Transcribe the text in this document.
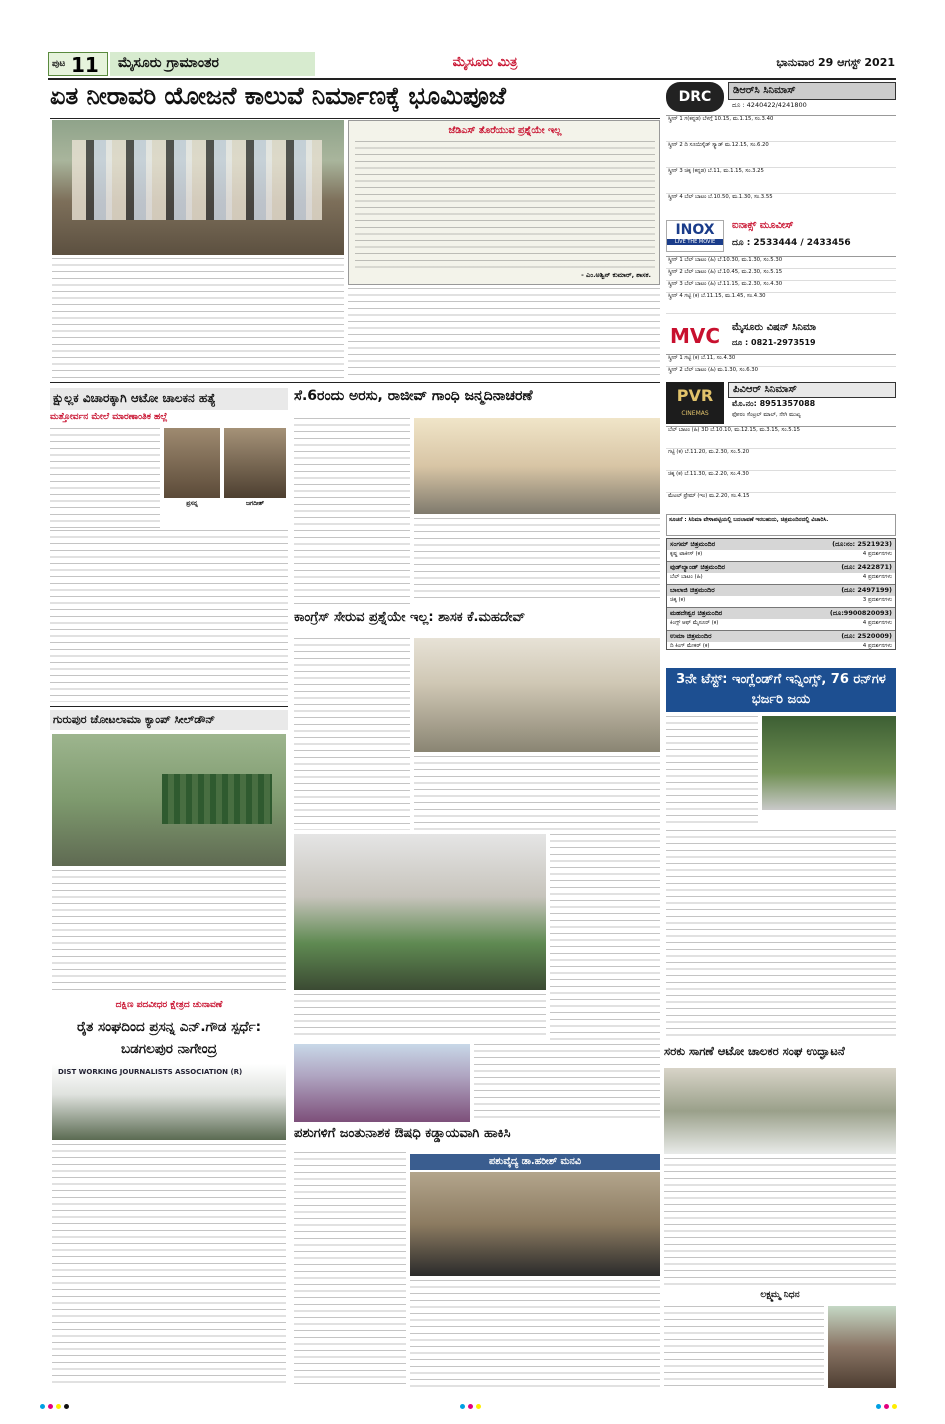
ಪುಟ 11 ಮೈಸೂರು ಗ್ರಾಮಾಂತರ	ಮೈಸೂರು ಮಿತ್ರ	ಭಾನುವಾರ 29 ಆಗಸ್ಟ್ 2021
ಏತ ನೀರಾವರಿ ಯೋಜನೆ ಕಾಲುವೆ ನಿರ್ಮಾಣಕ್ಕೆ ಭೂಮಿಪೂಜೆ
ಜೆಡಿಎಸ್ ತೊರೆಯುವ ಪ್ರಶ್ನೆಯೇ ಇಲ್ಲ
- ಎಂ.ಅಶ್ವಿನ್ ಕುಮಾರ್, ಶಾಸಕ.
DRC	ಡಿಆರ್‌ಸಿ ಸಿನಿಮಾಸ್
ದೂ : 4240422/4241800
ಸ್ಕ್ರೀನ್ 1 ಗ(ಕನ್ನಡ) ಬೆಳಗ್ಗೆ 10.15, ಮ.1.15, ಸಂ.3.40
ಸ್ಕ್ರೀನ್ 2 ದಿ ಸೂಯಿಸೈಡ್ ಸ್ಕ್ವಾಡ್ ಮ.12.15, ಸಂ.6.20
ಸ್ಕ್ರೀನ್ 3 ಚಿಕ್ಕ (ಕನ್ನಡ) ಬೆ.11, ಮ.1.15, ಸಂ.3.25
ಸ್ಕ್ರೀನ್ 4 ಬೆಲ್ ಬಾಟಂ ಬೆ.10.50, ಮ.1.30, ಸಂ.3.55
INOX
LIVE THE MOVIE
ಐನಾಕ್ಸ್ ಮೂವೀಸ್
ದೂ : 2533444 / 2433456
ಸ್ಕ್ರೀನ್ 1 ಬೆಲ್ ಬಾಟಂ (ಹಿ) ಬೆ.10.30, ಮ.1.30, ಸಂ.5.30
ಸ್ಕ್ರೀನ್ 2 ಬೆಲ್ ಬಾಟಂ (ಹಿ) ಬೆ.10.45, ಮ.2.30, ಸಂ.5.15
ಸ್ಕ್ರೀನ್ 3 ಬೆಲ್ ಬಾಟಂ (ಹಿ) ಬೆ.11.15, ಮ.2.30, ಸಂ.4.30
ಸ್ಕ್ರೀನ್ 4 ಗಟ್ಟಿ (ಕ) ಬೆ.11.15, ಮ.1.45, ಸಂ.4.30
MVC	ಮೈಸೂರು ವಿಷನ್ ಸಿನಿಮಾ
ದೂ : 0821-2973519
ಸ್ಕ್ರೀನ್ 1 ಗಟ್ಟಿ (ಕ) ಬೆ.11, ಸಂ.4.30
ಸ್ಕ್ರೀನ್ 2 ಬೆಲ್ ಬಾಟಂ (ಹಿ) ಮ.1.30, ಸಂ.6.30
PVR
CINEMAS
ಪಿವಿಆರ್ ಸಿನಿಮಾಸ್
ಮೊ.ನಂ: 8951357088
ಫೋರಂ ಸೆಂಟ್ರಲ್ ಮಾಲ್, ನೇಗಿ ಮುಖ್ಯ
ಬೆಲ್ ಬಾಟಂ (ಹಿ) 3D ಬೆ.10.10, ಮ.12.15, ಮ.3.15, ಸಂ.5.15
ಗಟ್ಟಿ (ಕ) ಬೆ.11.20, ಮ.2.30, ಸಂ.5.20
ಚಿಕ್ಕ (ಕ) ಬೆ.11.30, ಮ.2.20, ಸಂ.4.30
ಮೆಟಲ್ ಫ್ರೇಮ್ (ಇಂ) ಮ.2.20, ಸಂ.4.15
ಸೂಚನೆ : ಸಿನಿಮಾ ವೇಳಾಪಟ್ಟಿಯಲ್ಲಿ ಬದಲಾವಣೆ ಇರಬಹುದು, ಚಿತ್ರಮಂದಿರದಲ್ಲಿ ವಿಚಾರಿಸಿ.
ಸಂಗಮ್ ಚಿತ್ರಮಂದಿರ	(ದೂ:ನಂ: 2521923)
ಕೃಷ್ಣ ಟಾಕೀಸ್ (ಕ)	4 ಪ್ರದರ್ಶನಗಳು
ವುಡ್‌ಲ್ಯಾಂಡ್ ಚಿತ್ರಮಂದಿರ	(ದೂ: 2422871)
ಬೆಲ್ ಬಾಟಂ (ಹಿ)	4 ಪ್ರದರ್ಶನಗಳು
ಬಾಲಾಜಿ ಚಿತ್ರಮಂದಿರ	(ದೂ: 2497199)
ಚಿಕ್ಕ (ಕ)	3 ಪ್ರದರ್ಶನಗಳು
ಮಹದೇಶ್ವರ ಚಿತ್ರಮಂದಿರ	(ದೂ:9900820093)
ಕಿಂಗ್ಸ್ ಆಫ್ ಮೈಸೂರ್ (ಕ)	4 ಪ್ರದರ್ಶನಗಳು
ಉಮಾ ಚಿತ್ರಮಂದಿರ	(ದೂ: 2520009)
ದಿ ಕಿಂಗ್ ಮೇಕರ್ (ಕ)	4 ಪ್ರದರ್ಶನಗಳು
ಕ್ಷುಲ್ಲಕ ವಿಚಾರಕ್ಕಾಗಿ ಆಟೋ ಚಾಲಕನ ಹತ್ಯೆ
ಮತ್ತೋರ್ವನ ಮೇಲೆ ಮಾರಣಾಂತಿಕ ಹಲ್ಲೆ
ಪ್ರಸನ್ನ	ಜಗದೀಶ್
ಗುರುಪುರ ಚೋಟಲಾಮಾ ಕ್ಯಾಂಪ್ ಸೀಲ್‌ಡೌನ್
ದಕ್ಷಿಣ ಪದವೀಧರ ಕ್ಷೇತ್ರದ ಚುನಾವಣೆ
ರೈತ ಸಂಘದಿಂದ ಪ್ರಸನ್ನ ಎನ್.ಗೌಡ ಸ್ಪರ್ಧೆ: ಬಡಗಲಪುರ ನಾಗೇಂದ್ರ
DIST WORKING JOURNALISTS ASSOCIATION (R)
ಸೆ.6ರಂದು ಅರಸು, ರಾಜೀವ್ ಗಾಂಧಿ ಜನ್ಮದಿನಾಚರಣೆ
ಕಾಂಗ್ರೆಸ್ ಸೇರುವ ಪ್ರಶ್ನೆಯೇ ಇಲ್ಲ: ಶಾಸಕ ಕೆ.ಮಹದೇವ್
ಪಶುಗಳಿಗೆ ಜಂತುನಾಶಕ ಔಷಧಿ ಕಡ್ಡಾಯವಾಗಿ ಹಾಕಿಸಿ
ಪಶುವೈದ್ಯ ಡಾ.ಹರೀಶ್ ಮನವಿ
3ನೇ ಟೆಸ್ಟ್: ಇಂಗ್ಲೆಂಡ್‌ಗೆ ಇನ್ನಿಂಗ್ಸ್, 76 ರನ್‌ಗಳ ಭರ್ಜರಿ ಜಯ
ಸರಕು ಸಾಗಣೆ ಆಟೋ ಚಾಲಕರ ಸಂಘ ಉದ್ಘಾಟನೆ
ಲಕ್ಷ್ಮಮ್ಮ ನಿಧನ
